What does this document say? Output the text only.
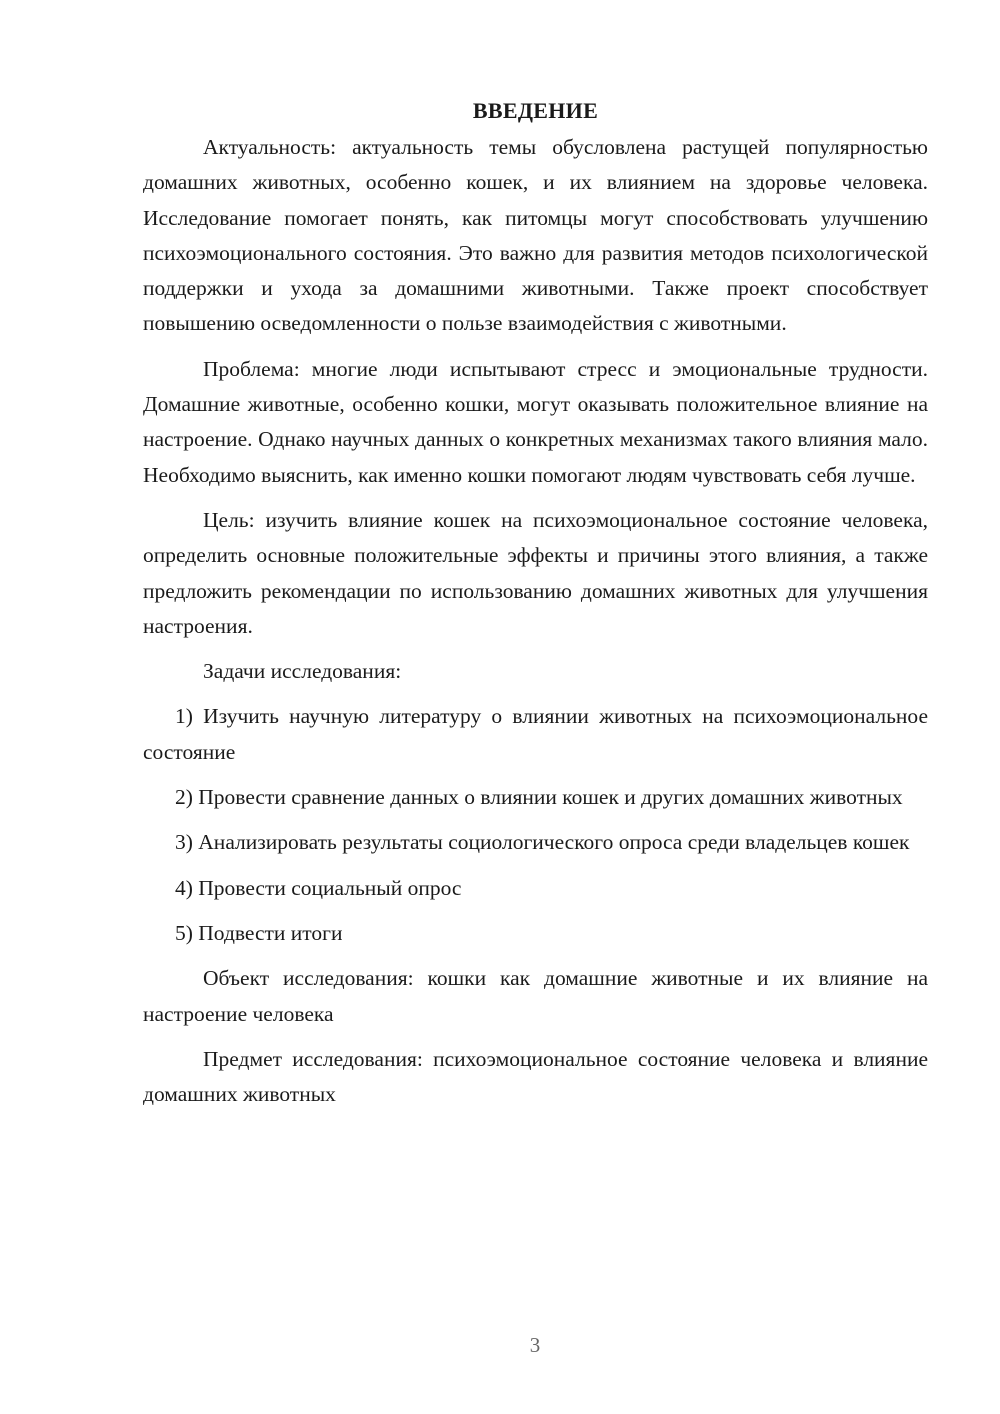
ВВЕДЕНИЕ

Актуальность: актуальность темы обусловлена растущей популярностью домашних животных, особенно кошек, и их влиянием на здоровье человека. Исследование помогает понять, как питомцы могут способствовать улучшению психоэмоционального состояния. Это важно для развития методов психологической поддержки и ухода за домашними животными. Также проект способствует повышению осведомленности о пользе взаимодействия с животными.

Проблема: многие люди испытывают стресс и эмоциональные трудности. Домашние животные, особенно кошки, могут оказывать положительное влияние на настроение. Однако научных данных о конкретных механизмах такого влияния мало. Необходимо выяснить, как именно кошки помогают людям чувствовать себя лучше.

Цель: изучить влияние кошек на психоэмоциональное состояние человека, определить основные положительные эффекты и причины этого влияния, а также предложить рекомендации по использованию домашних животных для улучшения настроения.

Задачи исследования:

1) Изучить научную литературу о влиянии животных на психоэмоциональное состояние

2) Провести сравнение данных о влиянии кошек и других домашних животных

3) Анализировать результаты социологического опроса среди владельцев кошек

4) Провести социальный опрос

5) Подвести итоги

Объект исследования: кошки как домашние животные и их влияние на настроение человека

Предмет исследования: психоэмоциональное состояние человека и влияние домашних животных

3
